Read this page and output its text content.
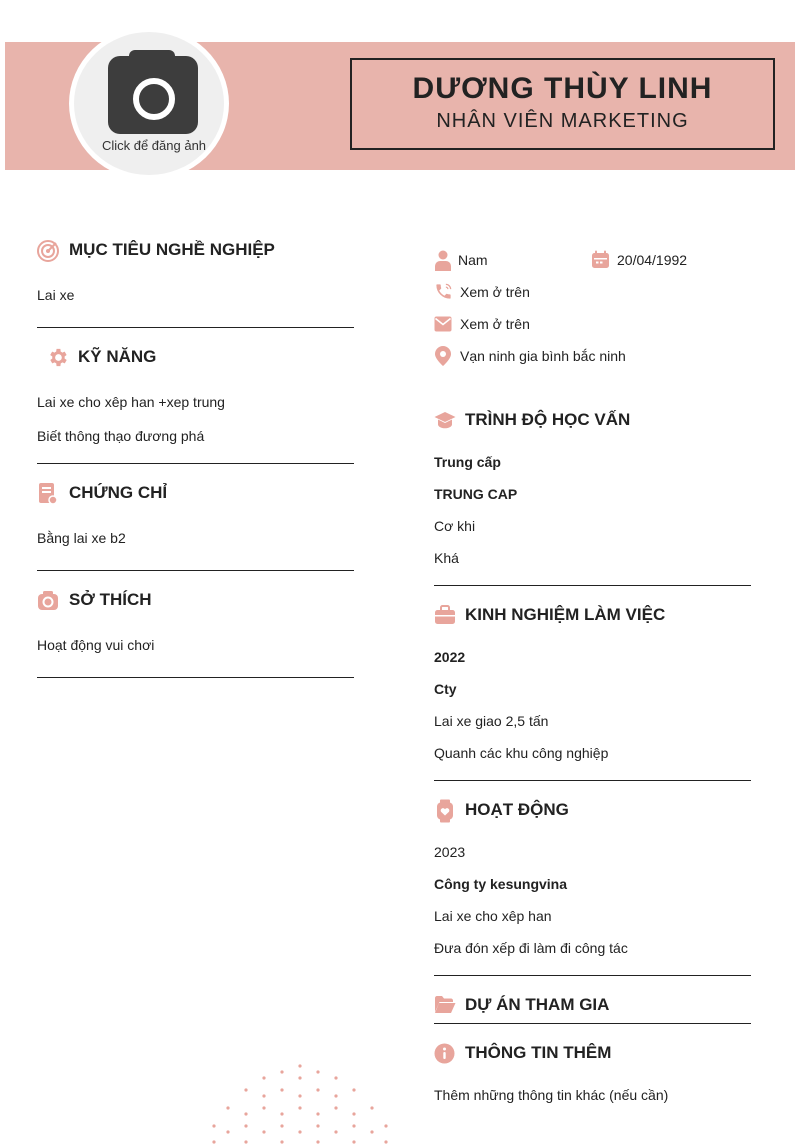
Click để đăng ảnh
DƯƠNG THÙY LINH
NHÂN VIÊN MARKETING
MỤC TIÊU NGHỀ NGHIỆP
Lai xe
KỸ NĂNG
Lai xe cho xêp han +xep trung
Biết thông thạo đương phá
CHỨNG CHỈ
Bằng lai xe b2
SỞ THÍCH
Hoạt động vui chơi
Nam	20/04/1992
Xem ở trên
Xem ở trên
Vạn ninh gia bình bắc ninh
TRÌNH ĐỘ HỌC VẤN
Trung cấp
TRUNG CAP
Cơ khi
Khá
KINH NGHIỆM LÀM VIỆC
2022
Cty
Lai xe giao 2,5 tấn
Quanh các khu công nghiệp
HOẠT ĐỘNG
2023
Công ty kesungvina
Lai xe cho xêp han
Đưa đón xếp đi làm đi công tác
DỰ ÁN THAM GIA
THÔNG TIN THÊM
Thêm những thông tin khác (nếu cần)
